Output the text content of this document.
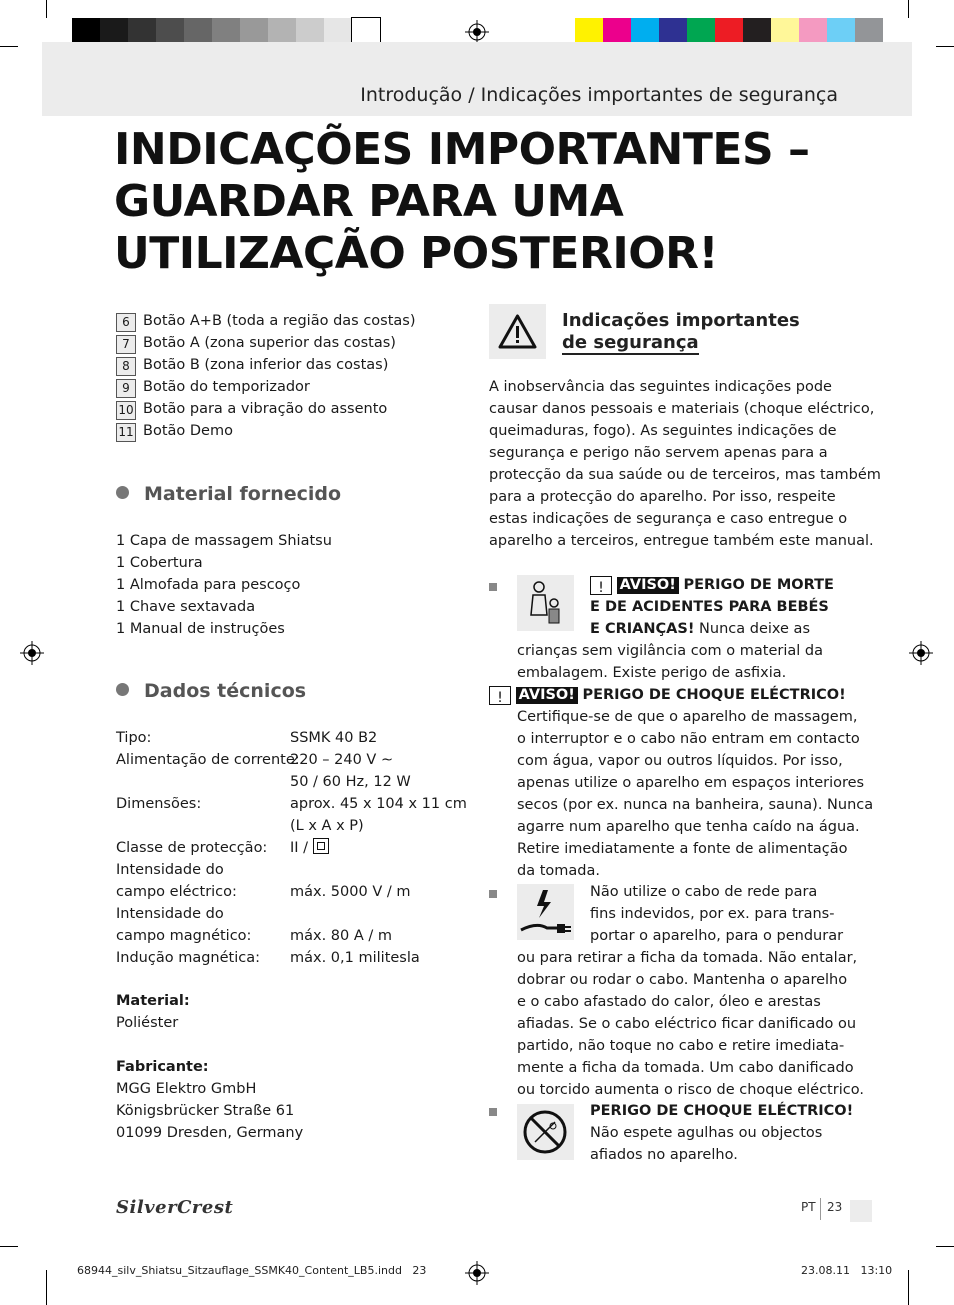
Introdução / Indicações importantes de segurança
INDICAÇÕES IMPORTANTES –
GUARDAR PARA UMA
UTILIZAÇÃO POSTERIOR!
6 Botão A+B (toda a região das costas)
7 Botão A (zona superior das costas)
8 Botão B (zona inferior das costas)
9 Botão do temporizador
10 Botão para a vibração do assento
11 Botão Demo
Material fornecido
1 Capa de massagem Shiatsu
1 Cobertura
1 Almofada para pescoço
1 Chave sextavada
1 Manual de instruções
Dados técnicos
Tipo:
Alimentação de corrente:
Dimensões:
Classe de protecção:
Intensidade do
campo eléctrico:
Intensidade do
campo magnético:
Indução magnética:
SSMK 40 B2
220 – 240 V ∼
50 / 60 Hz, 12 W
aprox. 45 x 104 x 11 cm
(L x A x P)
II /
máx. 5000 V / m
máx. 80 A / m
máx. 0,1 militesla
Material:
Poliéster
Fabricante:
MGG Elektro GmbH
Königsbrücker Straße 61
01099 Dresden, Germany
Indicações importantes
de segurança
A inobservância das seguintes indicações pode
causar danos pessoais e materiais (choque eléctrico,
queimaduras, fogo). As seguintes indicações de
segurança e perigo não servem apenas para a
protecção da sua saúde ou de terceiros, mas também
para a protecção do aparelho. Por isso, respeite
estas indicações de segurança e caso entregue o
aparelho a terceiros, entregue também este manual.
! AVISO! PERIGO DE MORTE
E DE ACIDENTES PARA BEBÉS
E CRIANÇAS! Nunca deixe as
crianças sem vigilância com o material da
embalagem. Existe perigo de asfixia.
! AVISO! PERIGO DE CHOQUE ELÉCTRICO!
Certifique-se de que o aparelho de massagem,
o interruptor e o cabo não entram em contacto
com água, vapor ou outros líquidos. Por isso,
apenas utilize o aparelho em espaços interiores
secos (por ex. nunca na banheira, sauna). Nunca
agarre num aparelho que tenha caído na água.
Retire imediatamente a fonte de alimentação
da tomada.
Não utilize o cabo de rede para
fins indevidos, por ex. para trans-
portar o aparelho, para o pendurar
ou para retirar a ficha da tomada. Não entalar,
dobrar ou rodar o cabo. Mantenha o aparelho
e o cabo afastado do calor, óleo e arestas
afiadas. Se o cabo eléctrico ficar danificado ou
partido, não toque no cabo e retire imediata-
mente a ficha da tomada. Um cabo danificado
ou torcido aumenta o risco de choque eléctrico.
PERIGO DE CHOQUE ELÉCTRICO!
Não espete agulhas ou objectos
afiados no aparelho.
SilverCrest	PT 23
68944_silv_Shiatsu_Sitzauflage_SSMK40_Content_LB5.indd   23	23.08.11   13:10
